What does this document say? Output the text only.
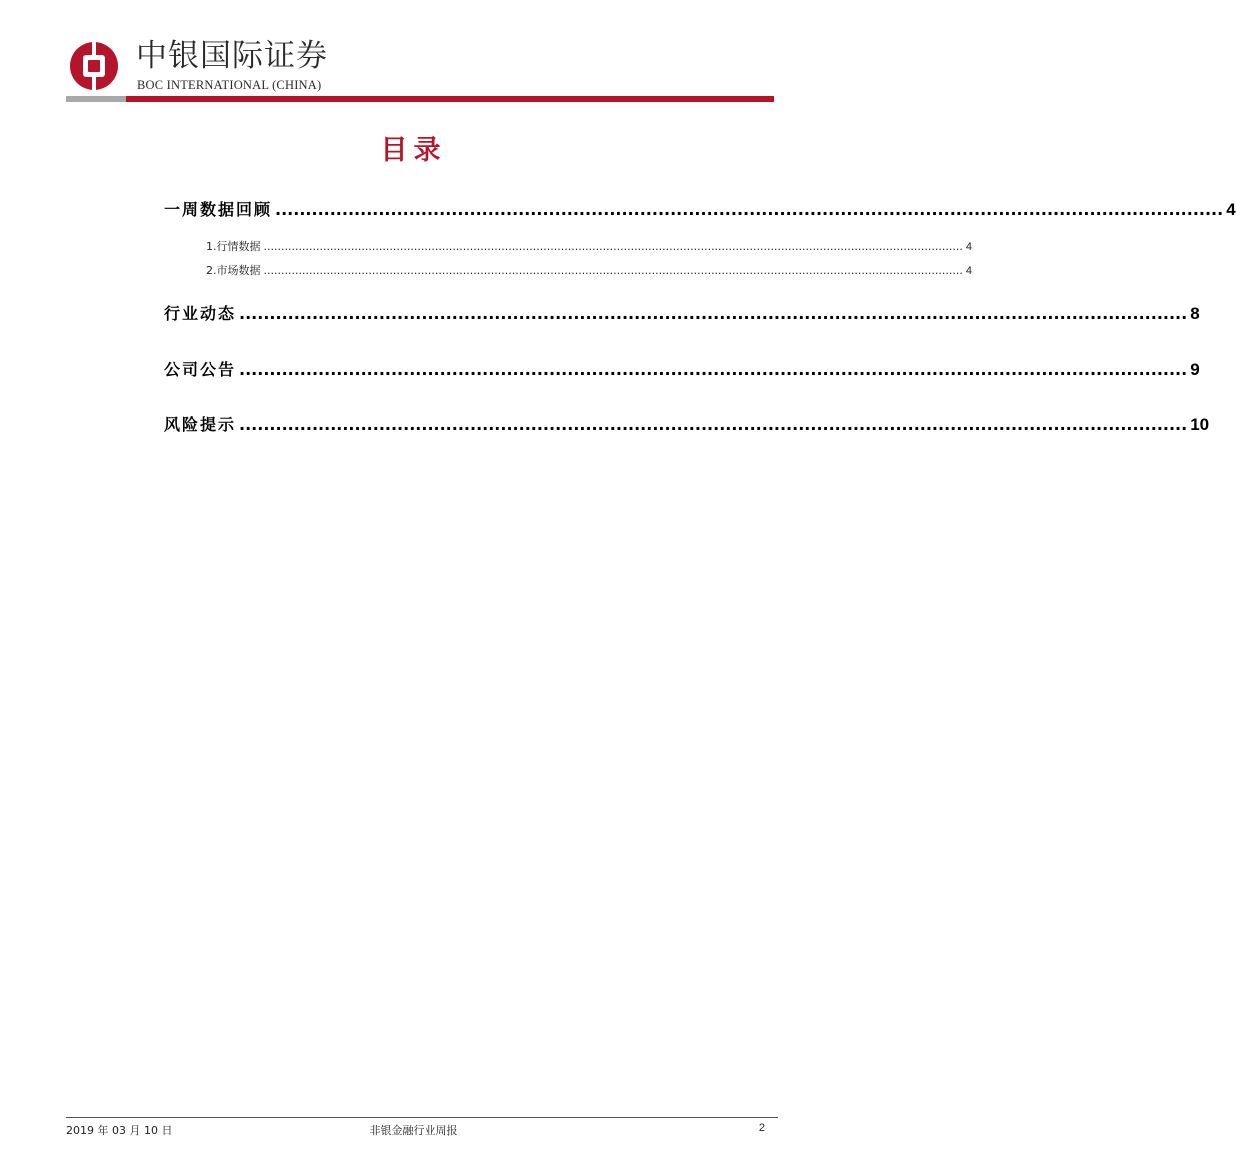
中银国际证券
BOC INTERNATIONAL (CHINA)
目录
一周数据回顾 ............................................................................................................................................................ 4
1.行情数据 ........................................................................................................................................................................................................ 4
2.市场数据 ........................................................................................................................................................................................................ 4
行业动态 ............................................................................................................................................................ 8
公司公告 ............................................................................................................................................................ 9
风险提示 ............................................................................................................................................................ 10
2019 年 03 月 10 日	非银金融行业周报	2
